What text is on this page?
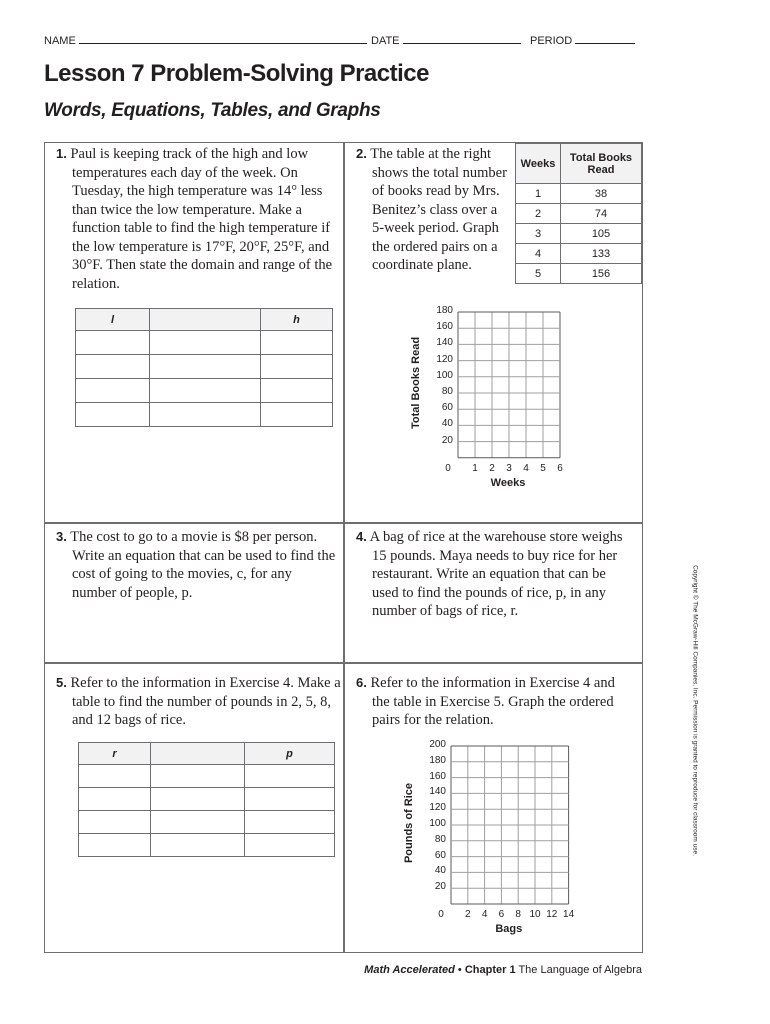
NAME	DATE	PERIOD
Lesson 7 Problem-Solving Practice
Words, Equations, Tables, and Graphs
1. Paul is keeping track of the high and low temperatures each day of the week. On Tuesday, the high temperature was 14° less than twice the low temperature. Make a function table to find the high temperature if the low temperature is 17°F, 20°F, 25°F, and 30°F. Then state the domain and range of the relation.
2. The table at the right shows the total number of books read by Mrs. Benitez’s class over a 5-week period. Graph the ordered pairs on a coordinate plane.
3. The cost to go to a movie is $8 per person. Write an equation that can be used to find the cost of going to the movies, c, for any number of people, p.
4. A bag of rice at the warehouse store weighs 15 pounds. Maya needs to buy rice for her restaurant. Write an equation that can be used to find the pounds of rice, p, in any number of bags of rice, r.
5. Refer to the information in Exercise 4. Make a table to find the number of pounds in 2, 5, 8, and 12 bags of rice.
6. Refer to the information in Exercise 4 and the table in Exercise 5. Graph the ordered pairs for the relation.
l		h

Weeks	Total Books Read
1	38
2	74
3	105
4	133
5	156
r		p

180
160
140
120
100
80
60
40
20
0	1	2	3	4	5	6
Weeks
Total Books Read
200
180
160
140
120
100
80
60
40
20
0	2	4	6	8 10 12 14
Bags
Pounds of Rice	Copyright © The McGraw-Hill Companies, Inc. Permission is granted to reproduce for classroom use.
Math Accelerated • Chapter 1 The Language of Algebra
